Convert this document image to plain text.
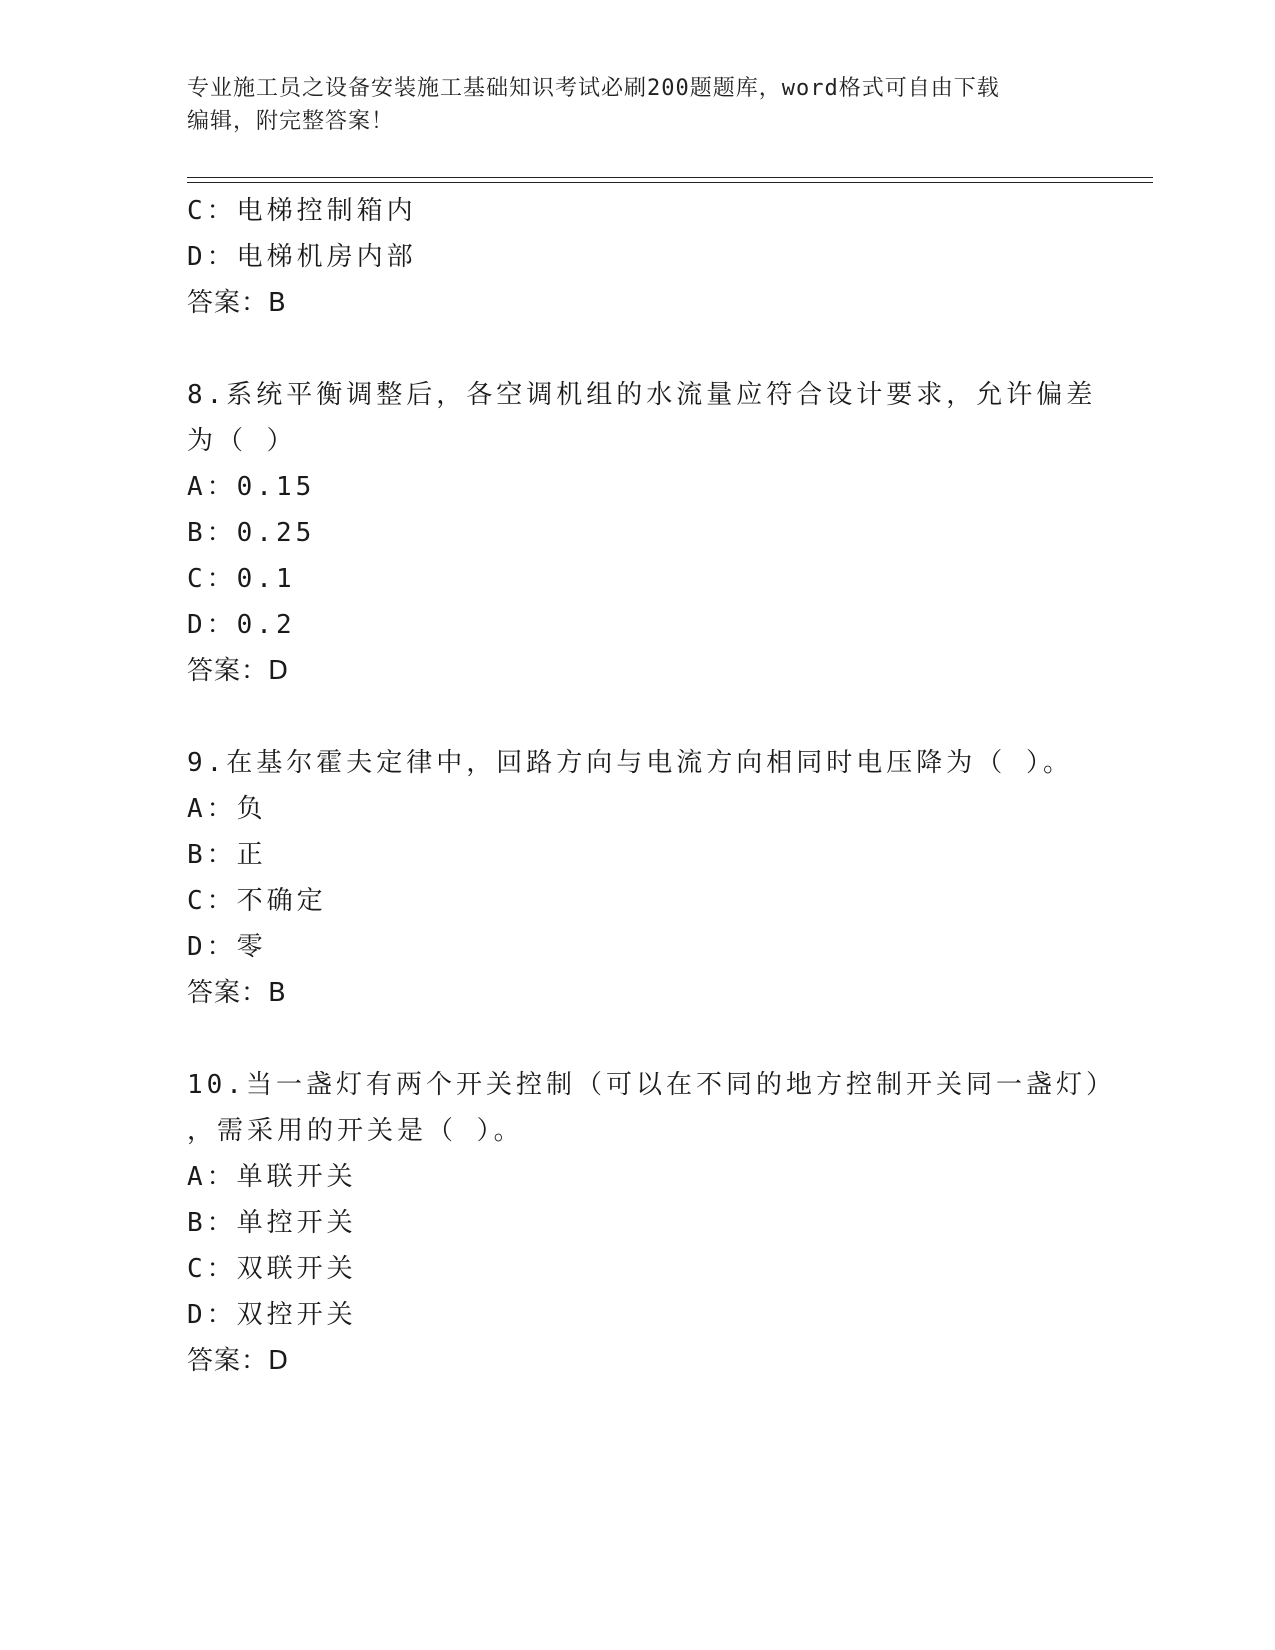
专业施工员之设备安装施工基础知识考试必刷200题题库，word格式可自由下载
编辑，附完整答案！
C：电梯控制箱内
D：电梯机房内部
答案：B
8.系统平衡调整后，各空调机组的水流量应符合设计要求，允许偏差
为（ ）
A：0.15
B：0.25
C：0.1
D：0.2
答案：D
9.在基尔霍夫定律中，回路方向与电流方向相同时电压降为（ ）。
A：负
B：正
C：不确定
D：零
答案：B
10.当一盏灯有两个开关控制（可以在不同的地方控制开关同一盏灯）
，需采用的开关是（ ）。
A：单联开关
B：单控开关
C：双联开关
D：双控开关
答案：D
